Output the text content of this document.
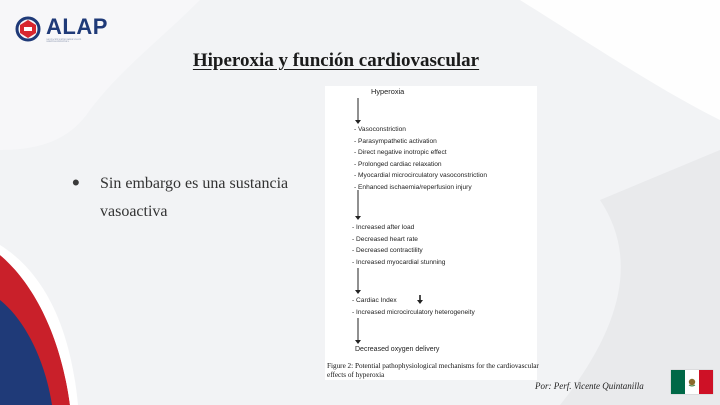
ALAP
ASOCIACIÓN LATINOAMERICANA DE ANESTESIA PEDIÁTRICA
Hiperoxia y función cardiovascular
• Sin embargo es una sustancia vasoactiva
Hyperoxia
- Vasoconstriction
- Parasympathetic activation
- Direct negative inotropic effect
- Prolonged cardiac relaxation
- Myocardial microcirculatory vasoconstriction
- Enhanced ischaemia/reperfusion injury
- Increased after load
- Decreased heart rate
- Decreased contractility
- Increased myocardial stunning
- Cardiac Index
- Increased microcirculatory heterogeneity
Decreased oxygen delivery
Figure 2: Potential pathophysiological mechanisms for the cardiovascular effects of hyperoxia
Por: Perf. Vicente Quintanilla
